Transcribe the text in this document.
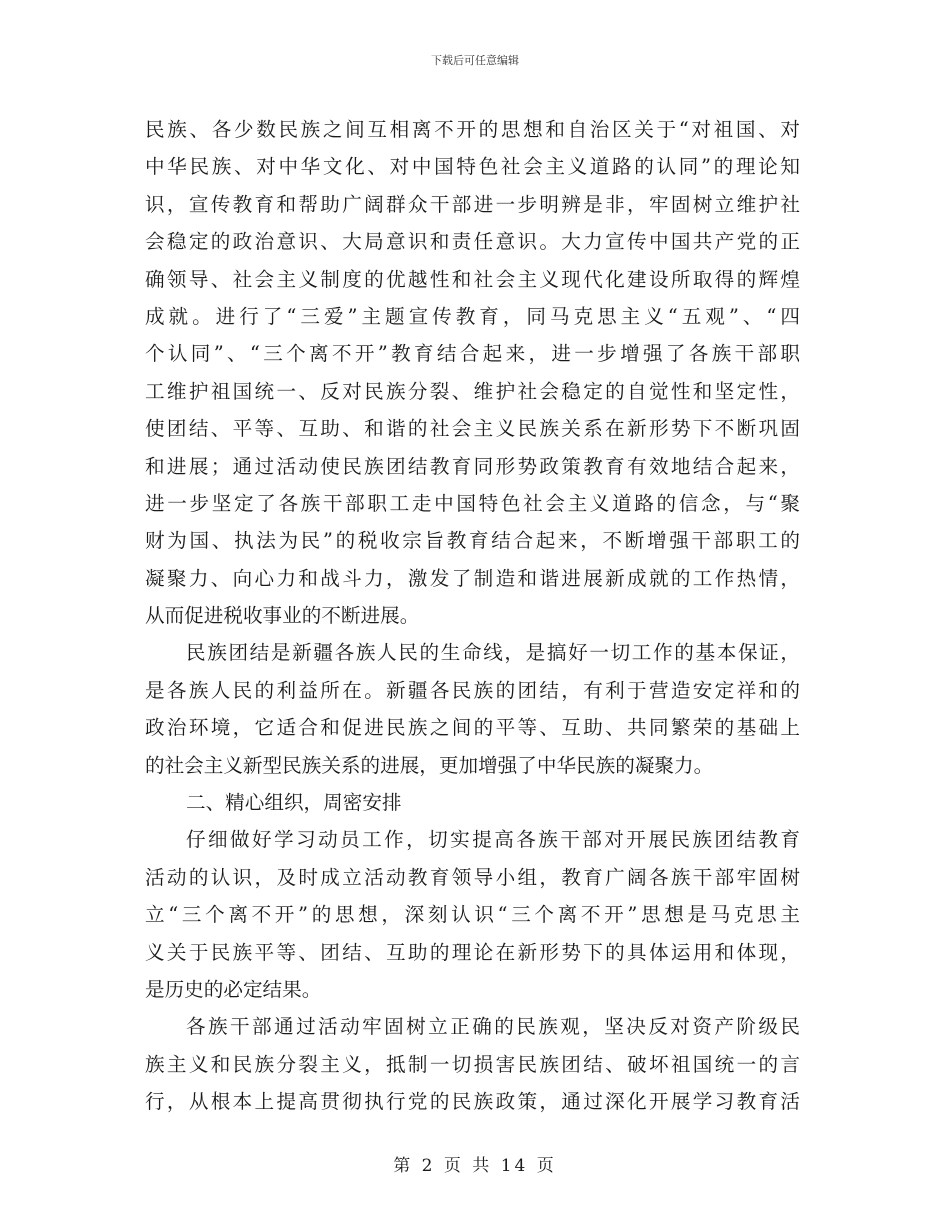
下载后可任意编辑
民族、各少数民族之间互相离不开的思想和自治区关于“对祖国、对
中华民族、对中华文化、对中国特色社会主义道路的认同”的理论知
识，宣传教育和帮助广阔群众干部进一步明辨是非，牢固树立维护社
会稳定的政治意识、大局意识和责任意识。大力宣传中国共产党的正
确领导、社会主义制度的优越性和社会主义现代化建设所取得的辉煌
成就。进行了“三爱”主题宣传教育，同马克思主义“五观”、“四
个认同”、“三个离不开”教育结合起来，进一步增强了各族干部职
工维护祖国统一、反对民族分裂、维护社会稳定的自觉性和坚定性，
使团结、平等、互助、和谐的社会主义民族关系在新形势下不断巩固
和进展；通过活动使民族团结教育同形势政策教育有效地结合起来，
进一步坚定了各族干部职工走中国特色社会主义道路的信念，与“聚
财为国、执法为民”的税收宗旨教育结合起来，不断增强干部职工的
凝聚力、向心力和战斗力，激发了制造和谐进展新成就的工作热情，
从而促进税收事业的不断进展。
民族团结是新疆各族人民的生命线，是搞好一切工作的基本保证，
是各族人民的利益所在。新疆各民族的团结，有利于营造安定祥和的
政治环境，它适合和促进民族之间的平等、互助、共同繁荣的基础上
的社会主义新型民族关系的进展，更加增强了中华民族的凝聚力。
二、精心组织，周密安排
仔细做好学习动员工作，切实提高各族干部对开展民族团结教育
活动的认识，及时成立活动教育领导小组，教育广阔各族干部牢固树
立“三个离不开”的思想，深刻认识“三个离不开”思想是马克思主
义关于民族平等、团结、互助的理论在新形势下的具体运用和体现，
是历史的必定结果。
各族干部通过活动牢固树立正确的民族观，坚决反对资产阶级民
族主义和民族分裂主义，抵制一切损害民族团结、破坏祖国统一的言
行，从根本上提高贯彻执行党的民族政策，通过深化开展学习教育活
第 2 页 共 14 页
